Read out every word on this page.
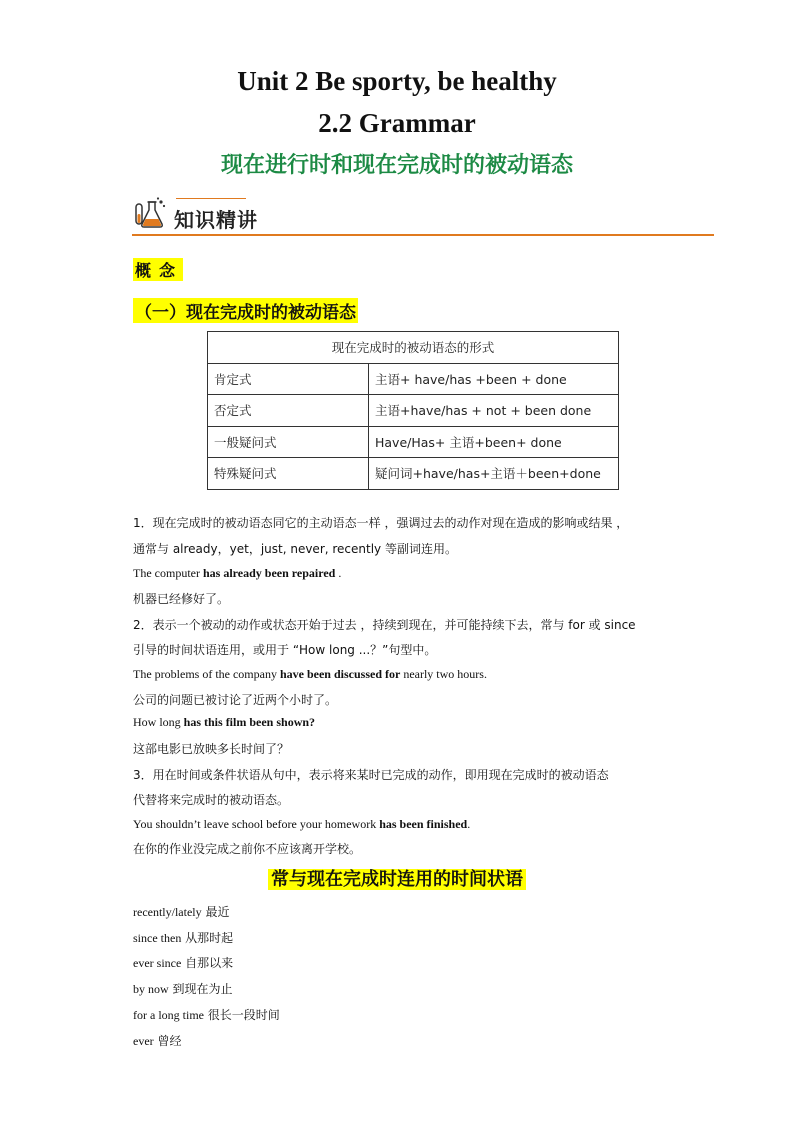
Unit 2 Be sporty, be healthy
2.2 Grammar
现在进行时和现在完成时的被动语态
知识精讲
概念
（一）现在完成时的被动语态
现在完成时的被动语态的形式	
肯定式	主语+ have/has +been + done
否定式	主语+have/has + not + been done
一般疑问式	Have/Has+ 主语+been+ done
特殊疑问式	疑问词+have/has+主语＋been+done
1．现在完成时的被动语态同它的主动语态一样 ，强调过去的动作对现在造成的影响或结果 ，
通常与 already，yet，just, never, recently 等副词连用。
The computer has already been repaired .
机器已经修好了。
2．表示一个被动的动作或状态开始于过去 ，持续到现在，并可能持续下去，常与 for 或 since
引导的时间状语连用，或用于 “How long ...？”句型中。
The problems of the company have been discussed for nearly two hours.
公司的问题已被讨论了近两个小时了。
How long has this film been shown?
这部电影已放映多长时间了？
3．用在时间或条件状语从句中，表示将来某时已完成的动作，即用现在完成时的被动语态
代替将来完成时的被动语态。
You shouldn’t leave school before your homework has been finished.
在你的作业没完成之前你不应该离开学校。
常与现在完成时连用的时间状语
recently/lately 最近
since then 从那时起
ever since 自那以来
by now 到现在为止
for a long time 很长一段时间
ever 曾经
